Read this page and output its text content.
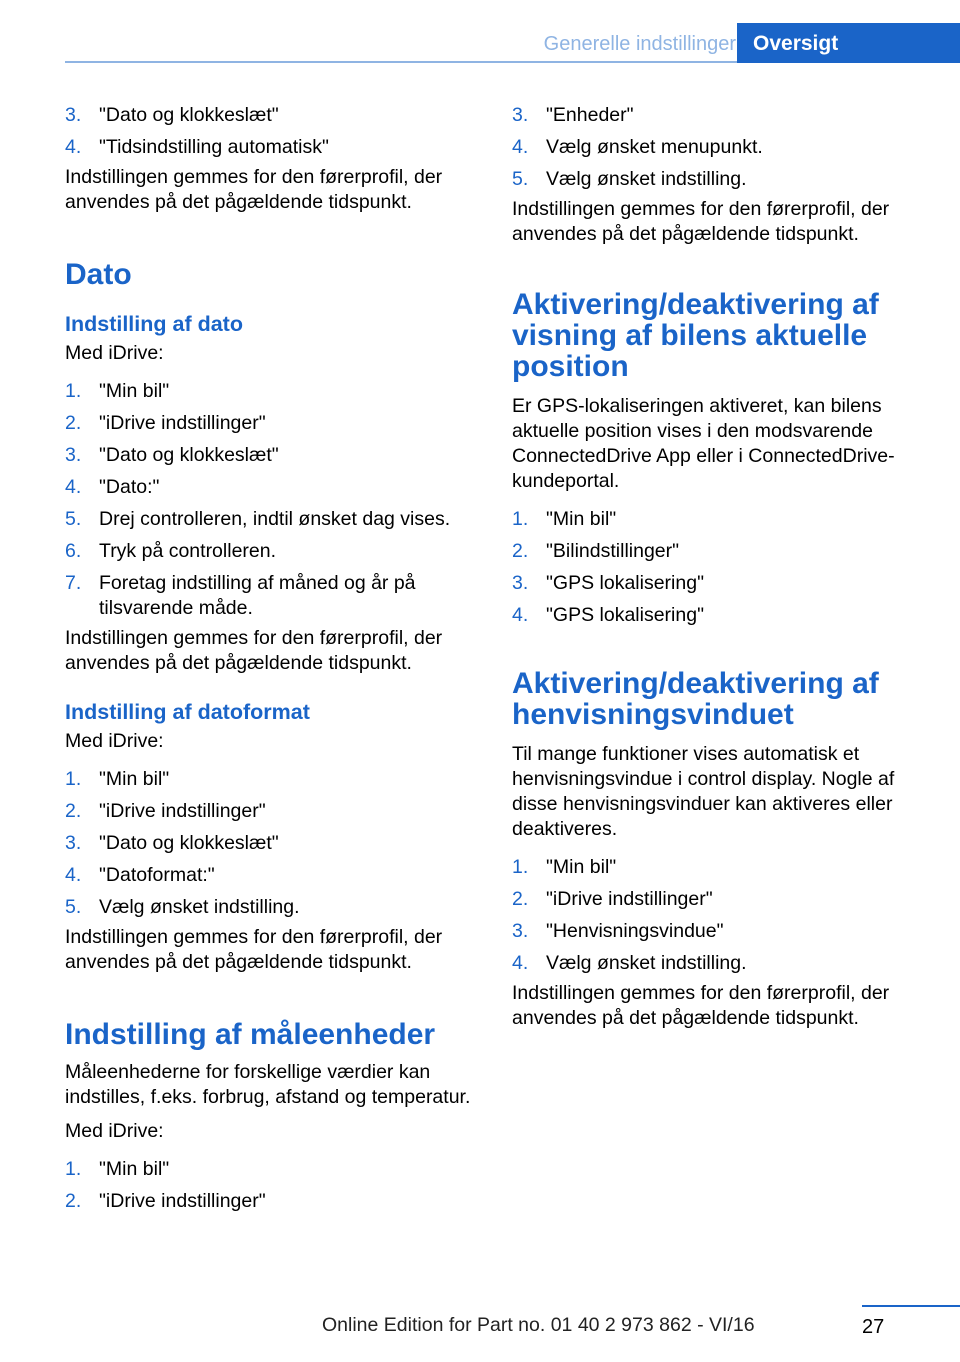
Generelle indstillinger Oversigt
3. "Dato og klokkeslæt"
4. "Tidsindstilling automatisk"

Indstillingen gemmes for den førerprofil, der anvendes på det pågældende tidspunkt.

Dato
Indstilling af dato

Med iDrive:

1. "Min bil"
2. "iDrive indstillinger"
3. "Dato og klokkeslæt"
4. "Dato:"
5. Drej controlleren, indtil ønsket dag vises.
6. Tryk på controlleren.
7. Foretag indstilling af måned og år på tilsvarende måde.

Indstillingen gemmes for den førerprofil, der anvendes på det pågældende tidspunkt.

Indstilling af datoformat

Med iDrive:

1. "Min bil"
2. "iDrive indstillinger"
3. "Dato og klokkeslæt"
4. "Datoformat:"
5. Vælg ønsket indstilling.

Indstillingen gemmes for den førerprofil, der anvendes på det pågældende tidspunkt.

Indstilling af måleenheder

Måleenhederne for forskellige værdier kan indstilles, f.eks. forbrug, afstand og temperatur.

Med iDrive:

1. "Min bil"
2. "iDrive indstillinger"
3. "Enheder"
4. Vælg ønsket menupunkt.
5. Vælg ønsket indstilling.

Indstillingen gemmes for den førerprofil, der anvendes på det pågældende tidspunkt.

Aktivering/deaktivering af visning af bilens aktuelle position

Er GPS-lokaliseringen aktiveret, kan bilens aktuelle position vises i den modsvarende ConnectedDrive App eller i ConnectedDrive-kundeportal.

1. "Min bil"
2. "Bilindstillinger"
3. "GPS lokalisering"
4. "GPS lokalisering"
Aktivering/deaktivering af henvisningsvinduet

Til mange funktioner vises automatisk et henvisningsvindue i control display. Nogle af disse henvisningsvinduer kan aktiveres eller deaktiveres.

1. "Min bil"
2. "iDrive indstillinger"
3. "Henvisningsvindue"
4. Vælg ønsket indstilling.

Indstillingen gemmes for den førerprofil, der anvendes på det pågældende tidspunkt.

27
Online Edition for Part no. 01 40 2 973 862 - VI/16
